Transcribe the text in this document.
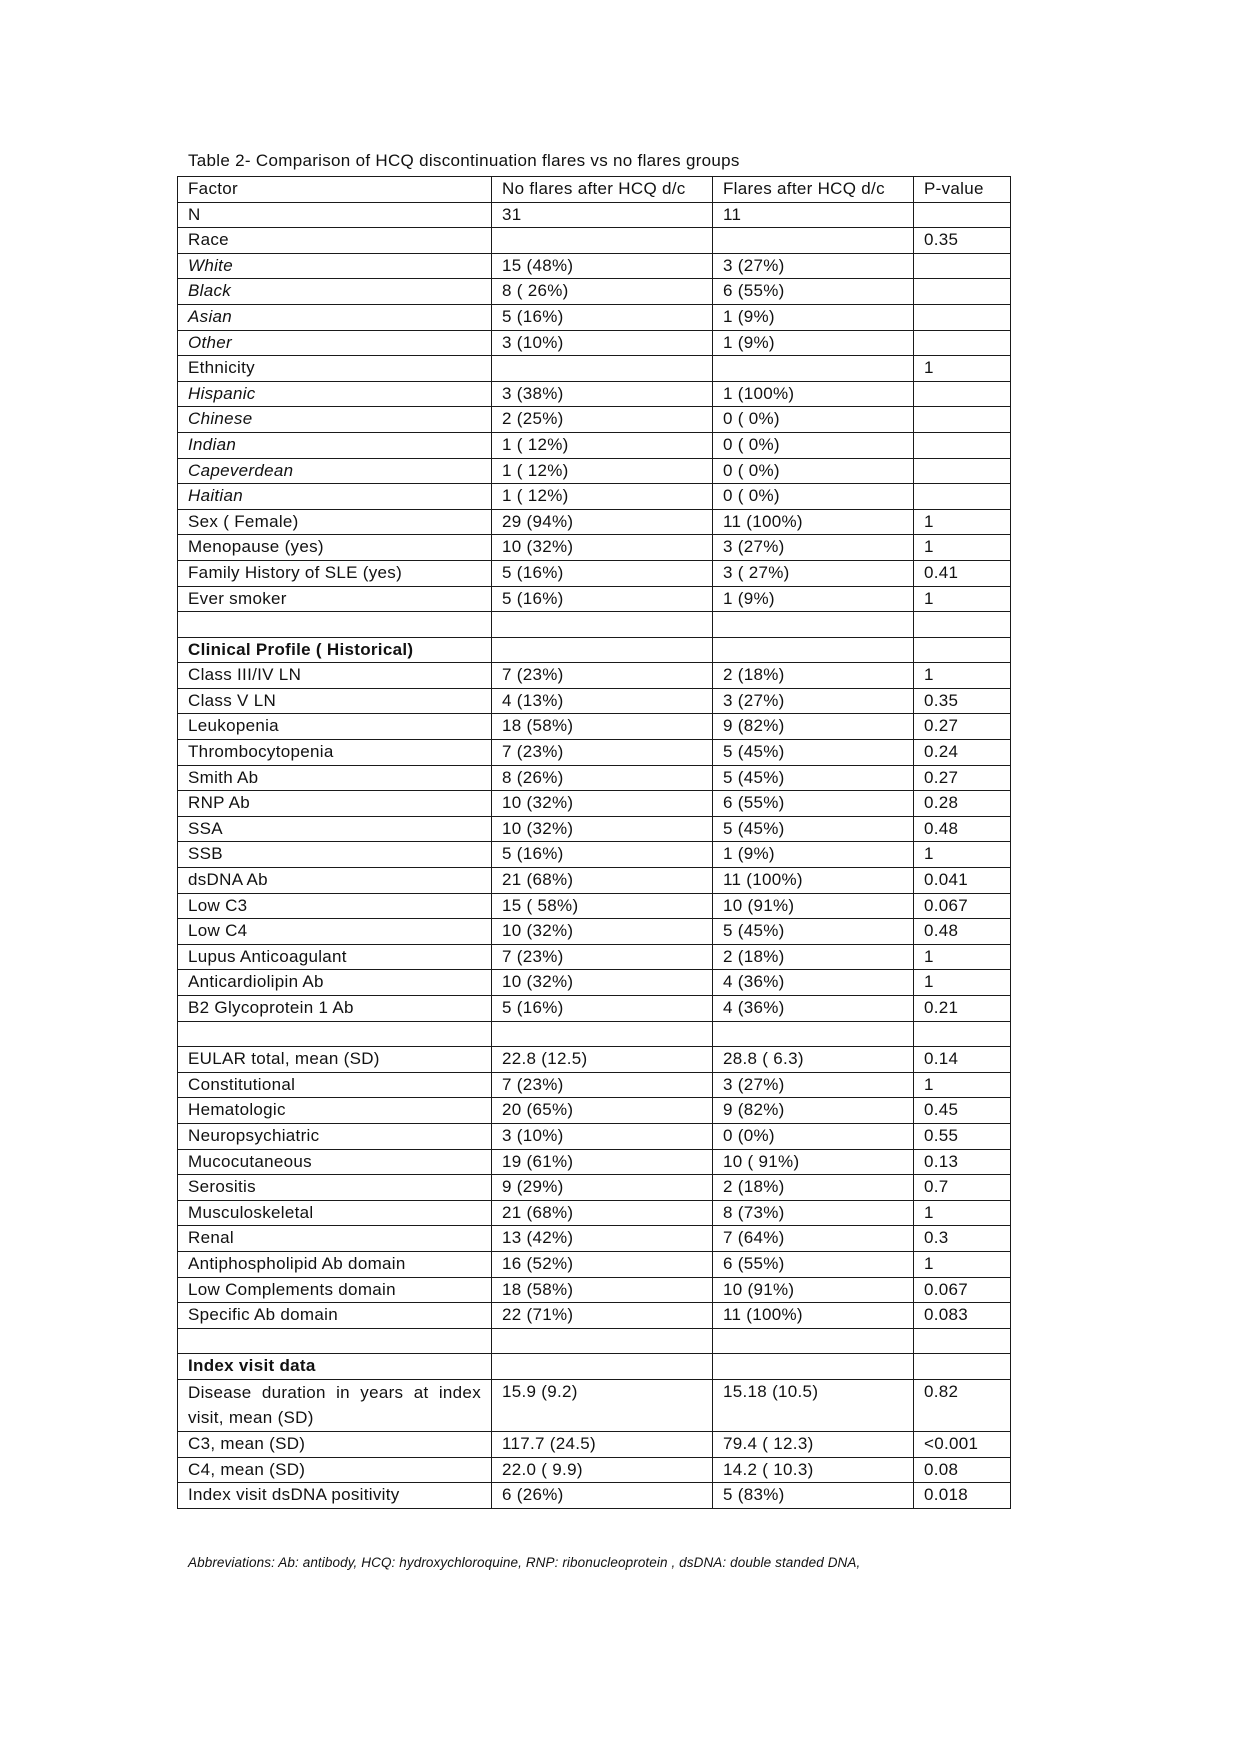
Table 2- Comparison of HCQ discontinuation flares vs no flares groups
Factor	No flares after HCQ d/c	Flares after HCQ d/c	P-value
N	31	11	
Race			0.35
White	15 (48%)	3 (27%)	
Black	8 ( 26%)	6 (55%)	
Asian	5 (16%)	1 (9%)	
Other	3 (10%)	1 (9%)	
Ethnicity			1
Hispanic	3 (38%)	1 (100%)	
Chinese	2 (25%)	0 ( 0%)	
Indian	1 ( 12%)	0 ( 0%)	
Capeverdean	1 ( 12%)	0 ( 0%)	
Haitian	1 ( 12%)	0 ( 0%)	
Sex ( Female)	29 (94%)	11 (100%)	1
Menopause (yes)	10 (32%)	3 (27%)	1
Family History of SLE (yes)	5 (16%)	3 ( 27%)	0.41
Ever smoker	5 (16%)	1 (9%)	1

Clinical Profile ( Historical)			
Class III/IV LN	7 (23%)	2 (18%)	1
Class V LN	4 (13%)	3 (27%)	0.35
Leukopenia	18 (58%)	9 (82%)	0.27
Thrombocytopenia	7 (23%)	5 (45%)	0.24
Smith Ab	8 (26%)	5 (45%)	0.27
RNP Ab	10 (32%)	6 (55%)	0.28
SSA	10 (32%)	5 (45%)	0.48
SSB	5 (16%)	1 (9%)	1
dsDNA Ab	21 (68%)	11 (100%)	0.041
Low C3	15 ( 58%)	10 (91%)	0.067
Low C4	10 (32%)	5 (45%)	0.48
Lupus Anticoagulant	7 (23%)	2 (18%)	1
Anticardiolipin Ab	10 (32%)	4 (36%)	1
B2 Glycoprotein 1 Ab	5 (16%)	4 (36%)	0.21

EULAR total, mean (SD)	22.8 (12.5)	28.8 ( 6.3)	0.14
Constitutional	7 (23%)	3 (27%)	1
Hematologic	20 (65%)	9 (82%)	0.45
Neuropsychiatric	3 (10%)	0 (0%)	0.55
Mucocutaneous	19 (61%)	10 ( 91%)	0.13
Serositis	9 (29%)	2 (18%)	0.7
Musculoskeletal	21 (68%)	8 (73%)	1
Renal	13 (42%)	7 (64%)	0.3
Antiphospholipid Ab domain	16 (52%)	6 (55%)	1
Low Complements domain	18 (58%)	10 (91%)	0.067
Specific Ab domain	22 (71%)	11 (100%)	0.083

Index visit data			
Disease duration in years at index visit, mean (SD)	15.9 (9.2)	15.18 (10.5)	0.82
C3, mean (SD)	117.7 (24.5)	79.4 ( 12.3)	<0.001
C4, mean (SD)	22.0 ( 9.9)	14.2 ( 10.3)	0.08
Index visit dsDNA positivity	6 (26%)	5 (83%)	0.018
Abbreviations: Ab: antibody, HCQ: hydroxychloroquine, RNP: ribonucleoprotein , dsDNA: double standed DNA,
